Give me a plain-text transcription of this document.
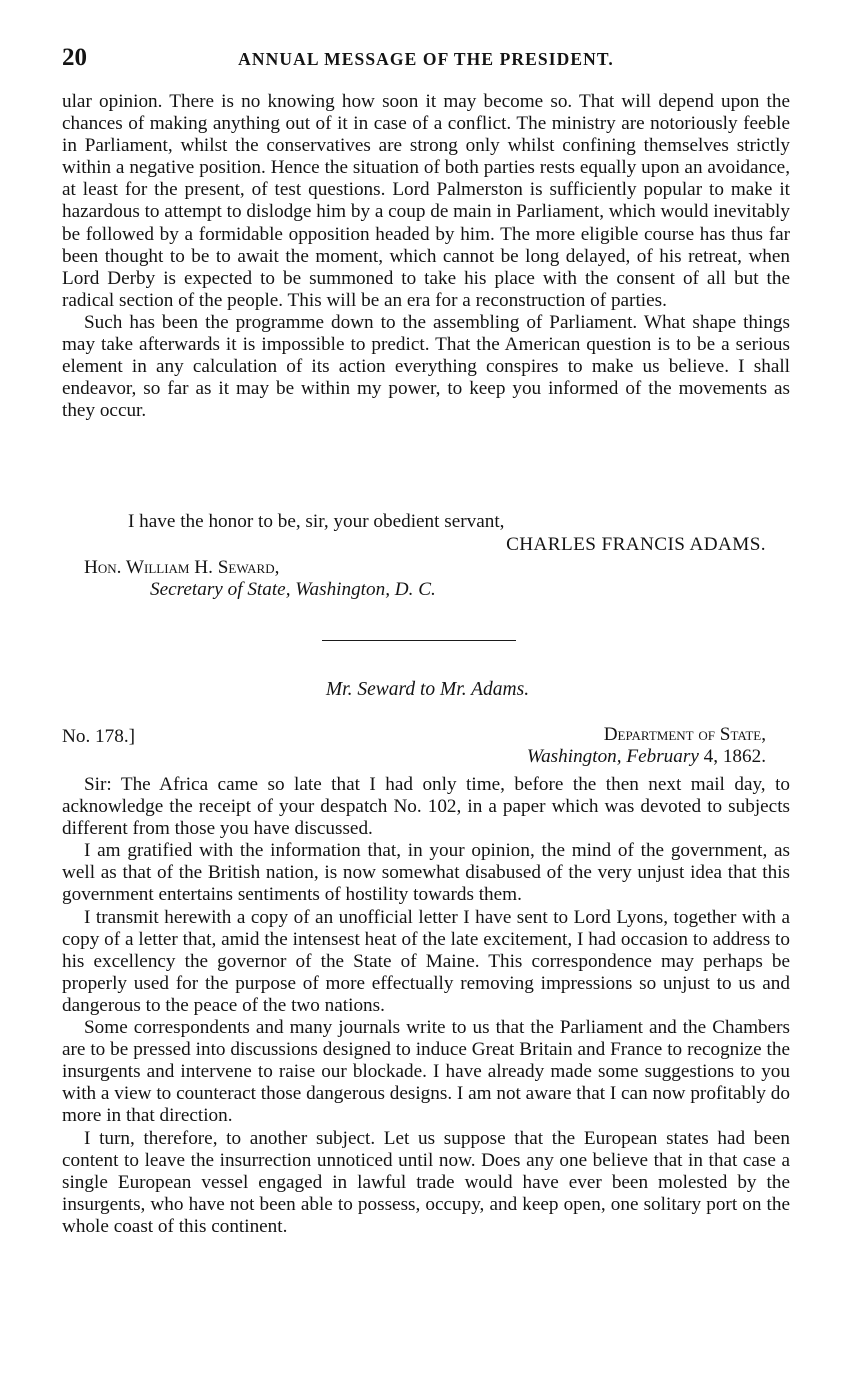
20	ANNUAL MESSAGE OF THE PRESIDENT.

ular opinion. There is no knowing how soon it may become so. That will depend upon the chances of making anything out of it in case of a conflict. The ministry are notoriously feeble in Parliament, whilst the conservatives are strong only whilst confining themselves strictly within a negative position. Hence the situation of both parties rests equally upon an avoidance, at least for the present, of test questions. Lord Palmerston is sufficiently popular to make it hazardous to attempt to dislodge him by a coup de main in Parliament, which would inevitably be followed by a formidable opposition headed by him. The more eligible course has thus far been thought to be to await the moment, which cannot be long delayed, of his retreat, when Lord Derby is expected to be summoned to take his place with the consent of all but the radical section of the people. This will be an era for a reconstruction of parties.

Such has been the programme down to the assembling of Parliament. What shape things may take afterwards it is impossible to predict. That the American question is to be a serious element in any calculation of its action everything conspires to make us believe. I shall endeavor, so far as it may be within my power, to keep you informed of the movements as they occur.

I have the honor to be, sir, your obedient servant,
CHARLES FRANCIS ADAMS.
Hon. William H. Seward,
Secretary of State, Washington, D. C.
Mr. Seward to Mr. Adams.
No. 178.]	Department of State,
Washington, February 4, 1862.

Sir: The Africa came so late that I had only time, before the then next mail day, to acknowledge the receipt of your despatch No. 102, in a paper which was devoted to subjects different from those you have discussed.

I am gratified with the information that, in your opinion, the mind of the government, as well as that of the British nation, is now somewhat disabused of the very unjust idea that this government entertains sentiments of hostility towards them.

I transmit herewith a copy of an unofficial letter I have sent to Lord Lyons, together with a copy of a letter that, amid the intensest heat of the late excitement, I had occasion to address to his excellency the governor of the State of Maine. This correspondence may perhaps be properly used for the purpose of more effectually removing impressions so unjust to us and dangerous to the peace of the two nations.

Some correspondents and many journals write to us that the Parliament and the Chambers are to be pressed into discussions designed to induce Great Britain and France to recognize the insurgents and intervene to raise our blockade. I have already made some suggestions to you with a view to counteract those dangerous designs. I am not aware that I can now profitably do more in that direction.

I turn, therefore, to another subject. Let us suppose that the European states had been content to leave the insurrection unnoticed until now. Does any one believe that in that case a single European vessel engaged in lawful trade would have ever been molested by the insurgents, who have not been able to possess, occupy, and keep open, one solitary port on the whole coast of this continent.
